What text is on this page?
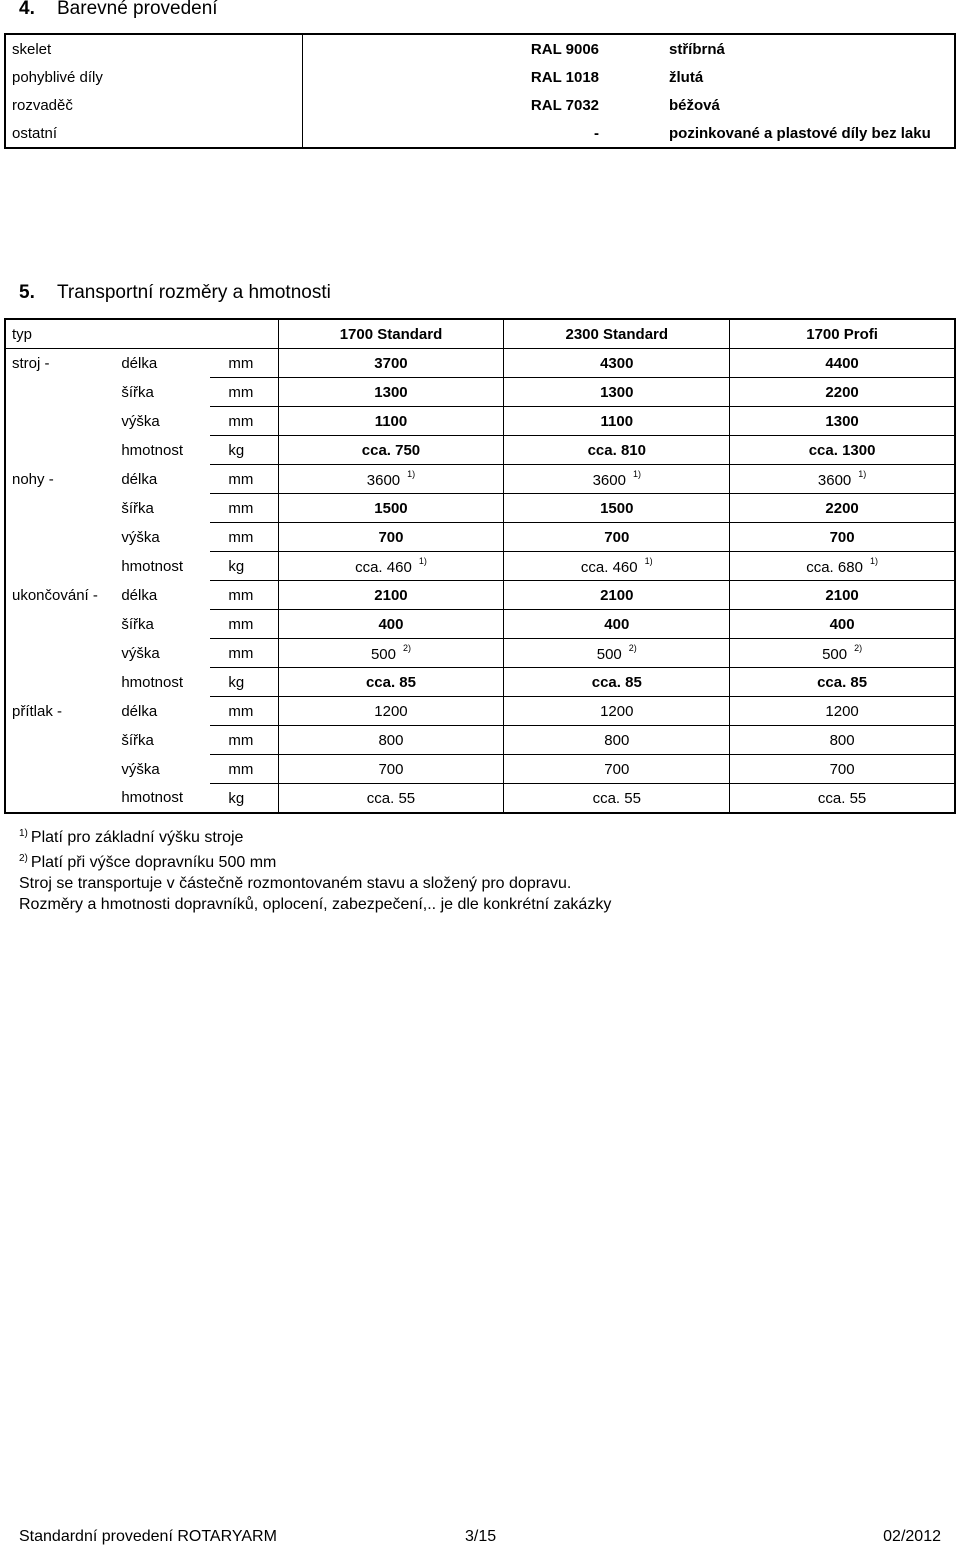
4. Barevné provedení
skelet	RAL 9006	stříbrná
pohyblivé díly	RAL 1018	žlutá
rozvaděč	RAL 7032	béžová
ostatní	-	pozinkované a plastové díly bez laku
5. Transportní rozměry a hmotnosti
typ			1700 Standard	2300 Standard	1700 Profi
stroj -	délka	mm	3700	4300	4400
	šířka	mm	1300	1300	2200
	výška	mm	1100	1100	1300
	hmotnost	kg	cca. 750	cca. 810	cca. 1300
nohy -	délka	mm	3600 $^{1)}$	3600 $^{1)}$	3600 $^{1)}$
	šířka	mm	1500	1500	2200
	výška	mm	700	700	700
	hmotnost	kg	cca. 460 $^{1)}$	cca. 460 $^{1)}$	cca. 680 $^{1)}$
ukončování -	délka	mm	2100	2100	2100
	šířka	mm	400	400	400
	výška	mm	500 $^{2)}$	500 $^{2)}$	500 $^{2)}$
	hmotnost	kg	cca. 85	cca. 85	cca. 85
přítlak -	délka	mm	1200	1200	1200
	šířka	mm	800	800	800
	výška	mm	700	700	700
	hmotnost	kg	cca. 55	cca. 55	cca. 55
$^{1)}$ Platí pro základní výšku stroje
$^{2)}$ Platí při výšce dopravníku 500 mm
Stroj se transportuje v částečně rozmontovaném stavu a složený pro dopravu.
Rozměry a hmotnosti dopravníků, oplocení, zabezpečení,.. je dle konkrétní zakázky
Standardní provedení ROTARYARM	3/15	02/2012
